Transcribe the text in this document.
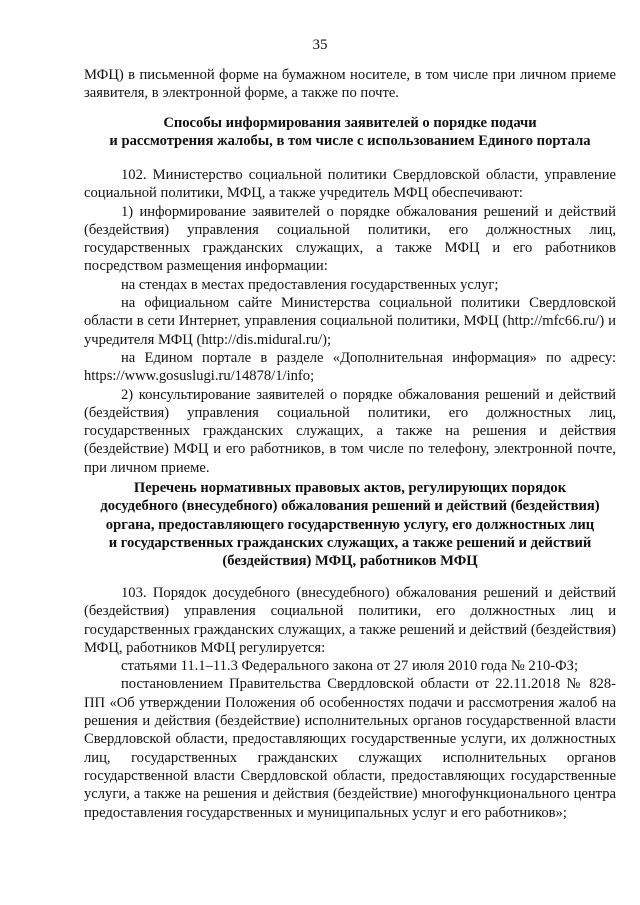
35

МФЦ) в письменной форме на бумажном носителе, в том числе при личном приеме заявителя, в электронной форме, а также по почте.

Способы информирования заявителей о порядке подачи
и рассмотрения жалобы, в том числе с использованием Единого портала

102. Министерство социальной политики Свердловской области, управление социальной политики, МФЦ, а также учредитель МФЦ обеспечивают:

1) информирование заявителей о порядке обжалования решений и действий (бездействия) управления социальной политики, его должностных лиц, государственных гражданских служащих, а также МФЦ и его работников посредством размещения информации:

на стендах в местах предоставления государственных услуг;

на официальном сайте Министерства социальной политики Свердловской области в сети Интернет, управления социальной политики, МФЦ (http://mfc66.ru/) и учредителя МФЦ (http://dis.midural.ru/);

на Едином портале в разделе «Дополнительная информация» по адресу: https://www.gosuslugi.ru/14878/1/info;

2) консультирование заявителей о порядке обжалования решений и действий (бездействия) управления социальной политики, его должностных лиц, государственных гражданских служащих, а также на решения и действия (бездействие) МФЦ и его работников, в том числе по телефону, электронной почте, при личном приеме.

Перечень нормативных правовых актов, регулирующих порядок
досудебного (внесудебного) обжалования решений и действий (бездействия)
органа, предоставляющего государственную услугу, его должностных лиц
и государственных гражданских служащих, а также решений и действий
(бездействия) МФЦ, работников МФЦ

103. Порядок досудебного (внесудебного) обжалования решений и действий (бездействия) управления социальной политики, его должностных лиц и государственных гражданских служащих, а также решений и действий (бездействия) МФЦ, работников МФЦ регулируется:

статьями 11.1–11.3 Федерального закона от 27 июля 2010 года № 210-ФЗ;

постановлением Правительства Свердловской области от 22.11.2018 № 828-ПП «Об утверждении Положения об особенностях подачи и рассмотрения жалоб на решения и действия (бездействие) исполнительных органов государственной власти Свердловской области, предоставляющих государственные услуги, их должностных лиц, государственных гражданских служащих исполнительных органов государственной власти Свердловской области, предоставляющих государственные услуги, а также на решения и действия (бездействие) многофункционального центра предоставления государственных и муниципальных услуг и его работников»;
